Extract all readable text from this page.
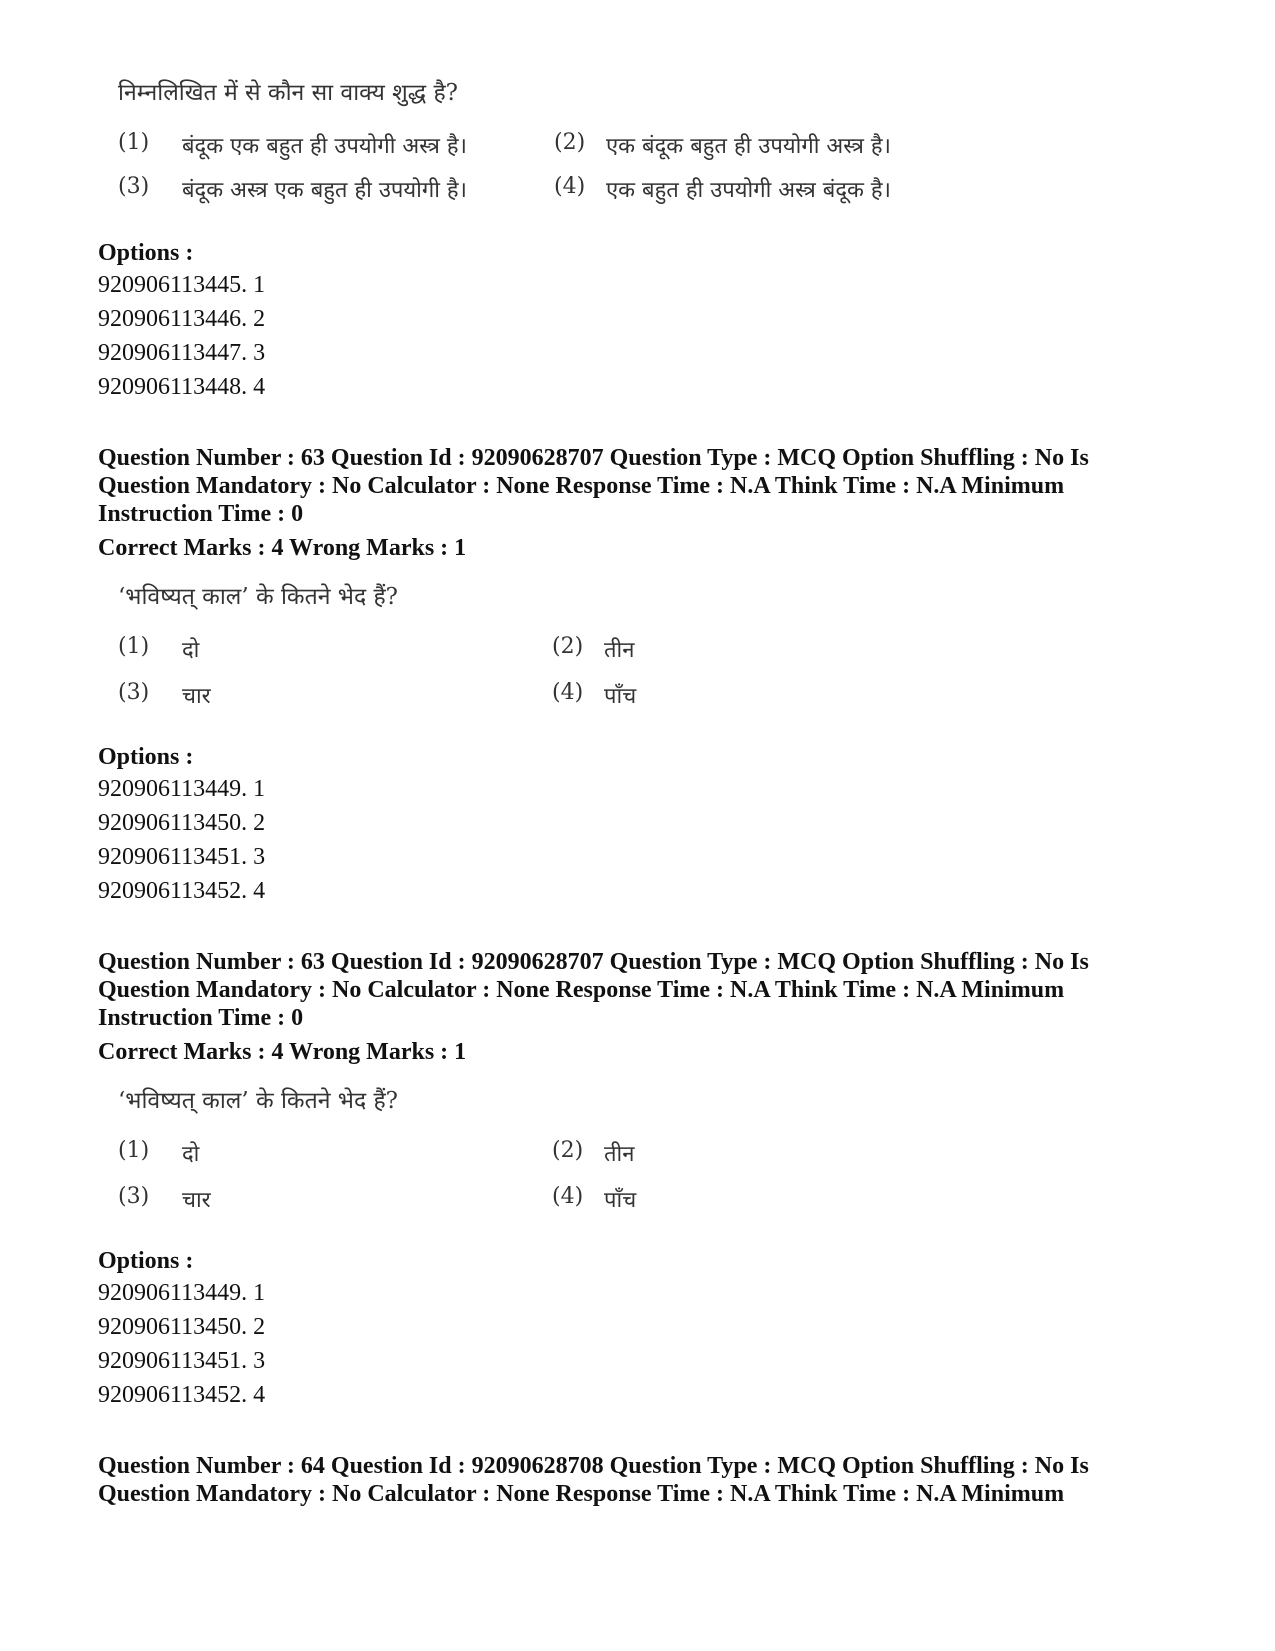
निम्नलिखित में से कौन सा वाक्य शुद्ध है?
(1) बंदूक एक बहुत ही उपयोगी अस्त्र है।	(2) एक बंदूक बहुत ही उपयोगी अस्त्र है।
(3) बंदूक अस्त्र एक बहुत ही उपयोगी है।	(4) एक बहुत ही उपयोगी अस्त्र बंदूक है।
Options :
920906113445. 1
920906113446. 2
920906113447. 3
920906113448. 4
Question Number : 63 Question Id : 92090628707 Question Type : MCQ Option Shuffling : No Is
Question Mandatory : No Calculator : None Response Time : N.A Think Time : N.A Minimum
Instruction Time : 0
Correct Marks : 4 Wrong Marks : 1
‘भविष्यत् काल’ के कितने भेद हैं?
(1) दो	(2) तीन
(3) चार	(4) पाँच
Options :
920906113449. 1
920906113450. 2
920906113451. 3
920906113452. 4
Question Number : 63 Question Id : 92090628707 Question Type : MCQ Option Shuffling : No Is
Question Mandatory : No Calculator : None Response Time : N.A Think Time : N.A Minimum
Instruction Time : 0
Correct Marks : 4 Wrong Marks : 1
‘भविष्यत् काल’ के कितने भेद हैं?
(1) दो	(2) तीन
(3) चार	(4) पाँच
Options :
920906113449. 1
920906113450. 2
920906113451. 3
920906113452. 4
Question Number : 64 Question Id : 92090628708 Question Type : MCQ Option Shuffling : No Is
Question Mandatory : No Calculator : None Response Time : N.A Think Time : N.A Minimum
